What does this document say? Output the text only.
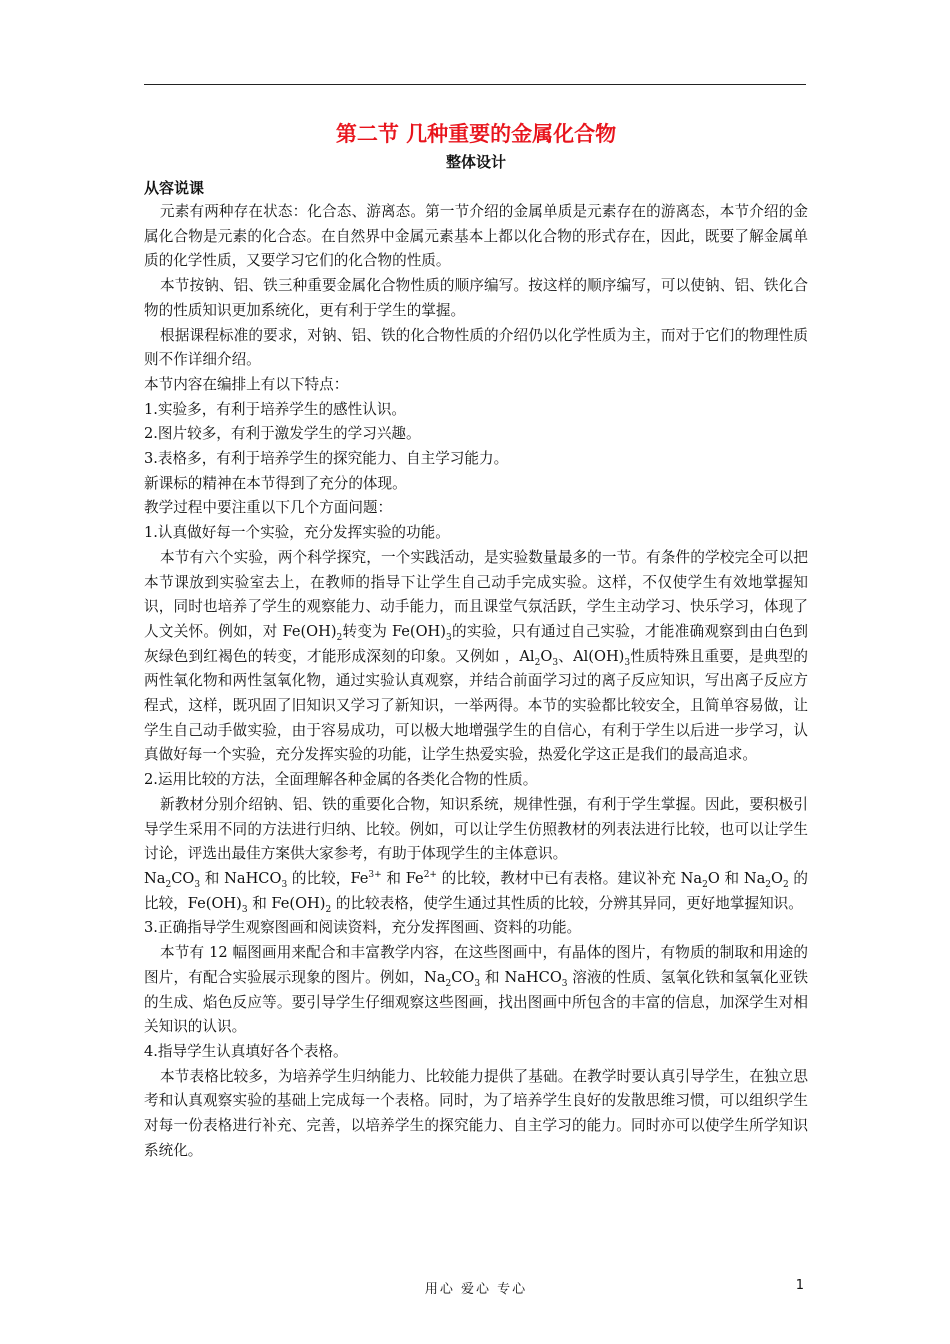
第二节 几种重要的金属化合物
整体设计
从容说课

元素有两种存在状态：化合态、游离态。第一节介绍的金属单质是元素存在的游离态，本节介绍的金属化合物是元素的化合态。在自然界中金属元素基本上都以化合物的形式存在，因此，既要了解金属单质的化学性质，又要学习它们的化合物的性质。

本节按钠、铝、铁三种重要金属化合物性质的顺序编写。按这样的顺序编写，可以使钠、铝、铁化合物的性质知识更加系统化，更有利于学生的掌握。

根据课程标准的要求，对钠、铝、铁的化合物性质的介绍仍以化学性质为主，而对于它们的物理性质则不作详细介绍。

本节内容在编排上有以下特点：

1.实验多，有利于培养学生的感性认识。

2.图片较多，有利于激发学生的学习兴趣。

3.表格多，有利于培养学生的探究能力、自主学习能力。

新课标的精神在本节得到了充分的体现。

教学过程中要注重以下几个方面问题：

1.认真做好每一个实验，充分发挥实验的功能。

本节有六个实验，两个科学探究，一个实践活动，是实验数量最多的一节。有条件的学校完全可以把本节课放到实验室去上，在教师的指导下让学生自己动手完成实验。这样，不仅使学生有效地掌握知识，同时也培养了学生的观察能力、动手能力，而且课堂气氛活跃，学生主动学习、快乐学习，体现了人文关怀。例如，对 $Fe(OH)_2$转变为 $Fe(OH)_3$的实验，只有通过自己实验，才能准确观察到由白色到灰绿色到红褐色的转变，才能形成深刻的印象。又例如 ，$Al_2O_3$、$Al(OH)_3$性质特殊且重要，是典型的两性氧化物和两性氢氧化物，通过实验认真观察，并结合前面学习过的离子反应知识，写出离子反应方程式，这样，既巩固了旧知识又学习了新知识，一举两得。本节的实验都比较安全，且简单容易做，让学生自己动手做实验，由于容易成功，可以极大地增强学生的自信心，有利于学生以后进一步学习，认真做好每一个实验，充分发挥实验的功能，让学生热爱实验，热爱化学这正是我们的最高追求。

2.运用比较的方法，全面理解各种金属的各类化合物的性质。

新教材分别介绍钠、铝、铁的重要化合物，知识系统，规律性强，有利于学生掌握。因此，要积极引导学生采用不同的方法进行归纳、比较。例如，可以让学生仿照教材的列表法进行比较，也可以让学生讨论，评选出最佳方案供大家参考，有助于体现学生的主体意识。

$Na_2CO_3$ 和 NaHCO$_3$ 的比较，$Fe^{3+}$ 和 $Fe^{2+}$ 的比较，教材中已有表格。建议补充 $Na_2O$ 和 $Na_2O_2$ 的比较，$Fe(OH)_3$ 和 $Fe(OH)_2$ 的比较表格，使学生通过其性质的比较，分辨其异同，更好地掌握知识。

3.正确指导学生观察图画和阅读资料，充分发挥图画、资料的功能。

本节有 12 幅图画用来配合和丰富教学内容，在这些图画中，有晶体的图片，有物质的制取和用途的图片，有配合实验展示现象的图片。例如，$Na_2CO_3$ 和 NaHCO$_3$ 溶液的性质、氢氧化铁和氢氧化亚铁的生成、焰色反应等。要引导学生仔细观察这些图画，找出图画中所包含的丰富的信息，加深学生对相关知识的认识。

4.指导学生认真填好各个表格。

本节表格比较多，为培养学生归纳能力、比较能力提供了基础。在教学时要认真引导学生，在独立思考和认真观察实验的基础上完成每一个表格。同时，为了培养学生良好的发散思维习惯，可以组织学生对每一份表格进行补充、完善，以培养学生的探究能力、自主学习的能力。同时亦可以使学生所学知识系统化。

用心 爱心 专心	1
